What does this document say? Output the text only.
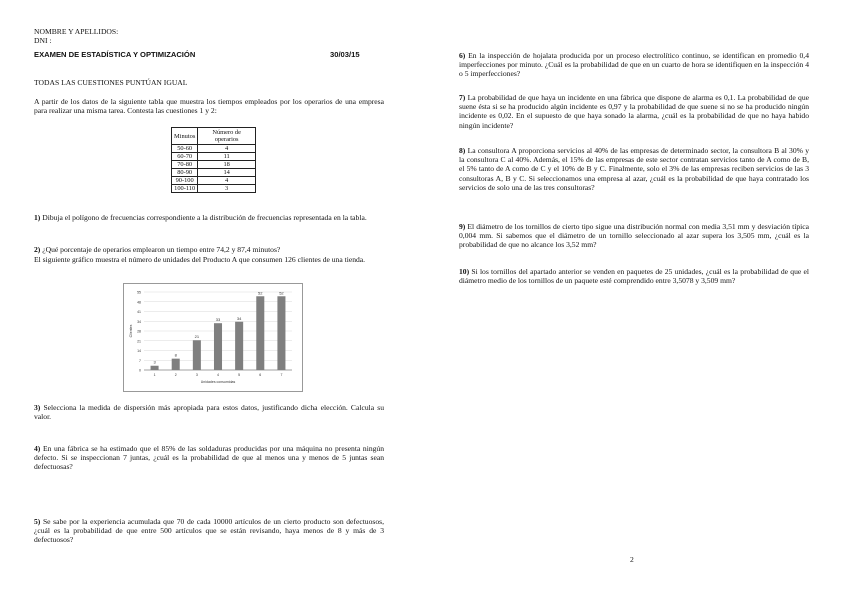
NOMBRE Y APELLIDOS:
DNI :
EXAMEN DE ESTADÍSTICA Y OPTIMIZACIÓN	30/03/15
TODAS LAS CUESTIONES PUNTÚAN IGUAL
A partir de los datos de la siguiente tabla que muestra los tiempos empleados por los operarios de una empresa para realizar una misma tarea. Contesta las cuestiones 1 y 2:
Minutos	Número de operarios
50-60	4
60-70	11
70-80	18
80-90	14
90-100	4
100-110	3
1) Dibuja el polígono de frecuencias correspondiente a la distribución de frecuencias representada en la tabla.
2) ¿Qué porcentaje de operarios emplearon un tiempo entre 74,2 y 87,4 minutos?
El siguiente gráfico muestra el número de unidades del Producto A que consumen 126 clientes de una tienda.
0
7
14
21
28
34
41
48
55
Clientes
3
1
8
2
21
3
33
4
34
5
52
6
52
7
Unidades consumidas
3) Selecciona la medida de dispersión más apropiada para estos datos, justificando dicha elección. Calcula su valor.
4) En una fábrica se ha estimado que el 85% de las soldaduras producidas por una máquina no presenta ningún defecto. Si se inspeccionan 7 juntas, ¿cuál es la probabilidad de que al menos una y menos de 5 juntas sean defectuosas?
5) Se sabe por la experiencia acumulada que 70 de cada 10000 artículos de un cierto producto son defectuosos, ¿cuál es la probabilidad de que entre 500 artículos que se están revisando, haya menos de 8 y más de 3 defectuosos?
6) En la inspección de hojalata producida por un proceso electrolítico continuo, se identifican en promedio 0,4 imperfecciones por minuto. ¿Cuál es la probabilidad de que en un cuarto de hora se identifiquen en la inspección 4 o 5 imperfecciones?
7) La probabilidad de que haya un incidente en una fábrica que dispone de alarma es 0,1. La probabilidad de que suene ésta si se ha producido algún incidente es 0,97 y la probabilidad de que suene si no se ha producido ningún incidente es 0,02. En el supuesto de que haya sonado la alarma, ¿cuál es la probabilidad de que no haya habido ningún incidente?
8) La consultora A proporciona servicios al 40% de las empresas de determinado sector, la consultora B al 30% y la consultora C al 40%. Además, el 15% de las empresas de este sector contratan servicios tanto de A como de B, el 5% tanto de A como de C y el 10% de B y C. Finalmente, solo el 3% de las empresas reciben servicios de las 3 consultoras A, B y C. Si seleccionamos una empresa al azar, ¿cuál es la probabilidad de que haya contratado los servicios de solo una de las tres consultoras?
9) El diámetro de los tornillos de cierto tipo sigue una distribución normal con media 3,51 mm y desviación típica 0,004 mm. Si sabemos que el diámetro de un tornillo seleccionado al azar supera los 3,505 mm, ¿cuál es la probabilidad de que no alcance los 3,52 mm?
10) Si los tornillos del apartado anterior se venden en paquetes de 25 unidades, ¿cuál es la probabilidad de que el diámetro medio de los tornillos de un paquete esté comprendido entre 3,5078 y 3,509 mm?
2
